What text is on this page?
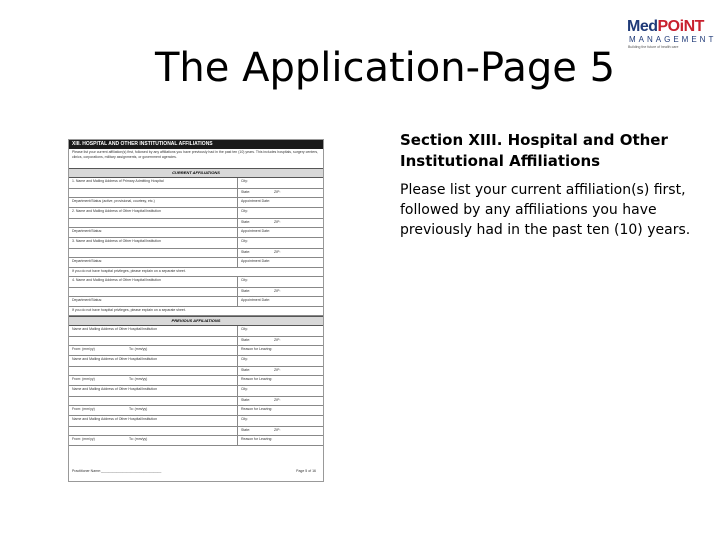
The Application-Page 5
MedPOiNT
MANAGEMENT
Building the future of health care
XIII. HOSPITAL AND OTHER INSTITUTIONAL AFFILIATIONS
Please list your current affiliation(s) first, followed by any affiliations you have previously had in the past ten (10) years. This includes hospitals, surgery centers, clinics, corporations, military assignments, or government agencies.
CURRENT AFFILIATIONS
1. Name and Mailing Address of Primary Admitting Hospital	City:
State:	ZIP:
Department/Status (active, provisional, courtesy, etc.)	Appointment Date:
2. Name and Mailing Address of Other Hospital/Institution	City:
State:	ZIP:
Department/Status:	Appointment Date:
3. Name and Mailing Address of Other Hospital/Institution	City:
State:	ZIP:
Department/Status:	Appointment Date:
If you do not have hospital privileges, please explain on a separate sheet.
4. Name and Mailing Address of Other Hospital/Institution	City:
State:	ZIP:
Department/Status:	Appointment Date:
If you do not have hospital privileges, please explain on a separate sheet.
PREVIOUS AFFILIATIONS
Name and Mailing Address of Other Hospital/Institution	City:
State:	ZIP:
From: (mm/yy)	To: (mm/yy)	Reason for Leaving:
Name and Mailing Address of Other Hospital/Institution	City:
State:	ZIP:
From: (mm/yy)	To: (mm/yy)	Reason for Leaving:
Name and Mailing Address of Other Hospital/Institution	City:
State:	ZIP:
From: (mm/yy)	To: (mm/yy)	Reason for Leaving:
Name and Mailing Address of Other Hospital/Institution	City:
State:	ZIP:
From: (mm/yy)	To: (mm/yy)	Reason for Leaving:
Practitioner Name:_______________________________	Page 5 of 16
Section XIII. Hospital and Other Institutional Affiliations

Please list your current affiliation(s) first, followed by any affiliations you have previously had in the past ten (10) years.
